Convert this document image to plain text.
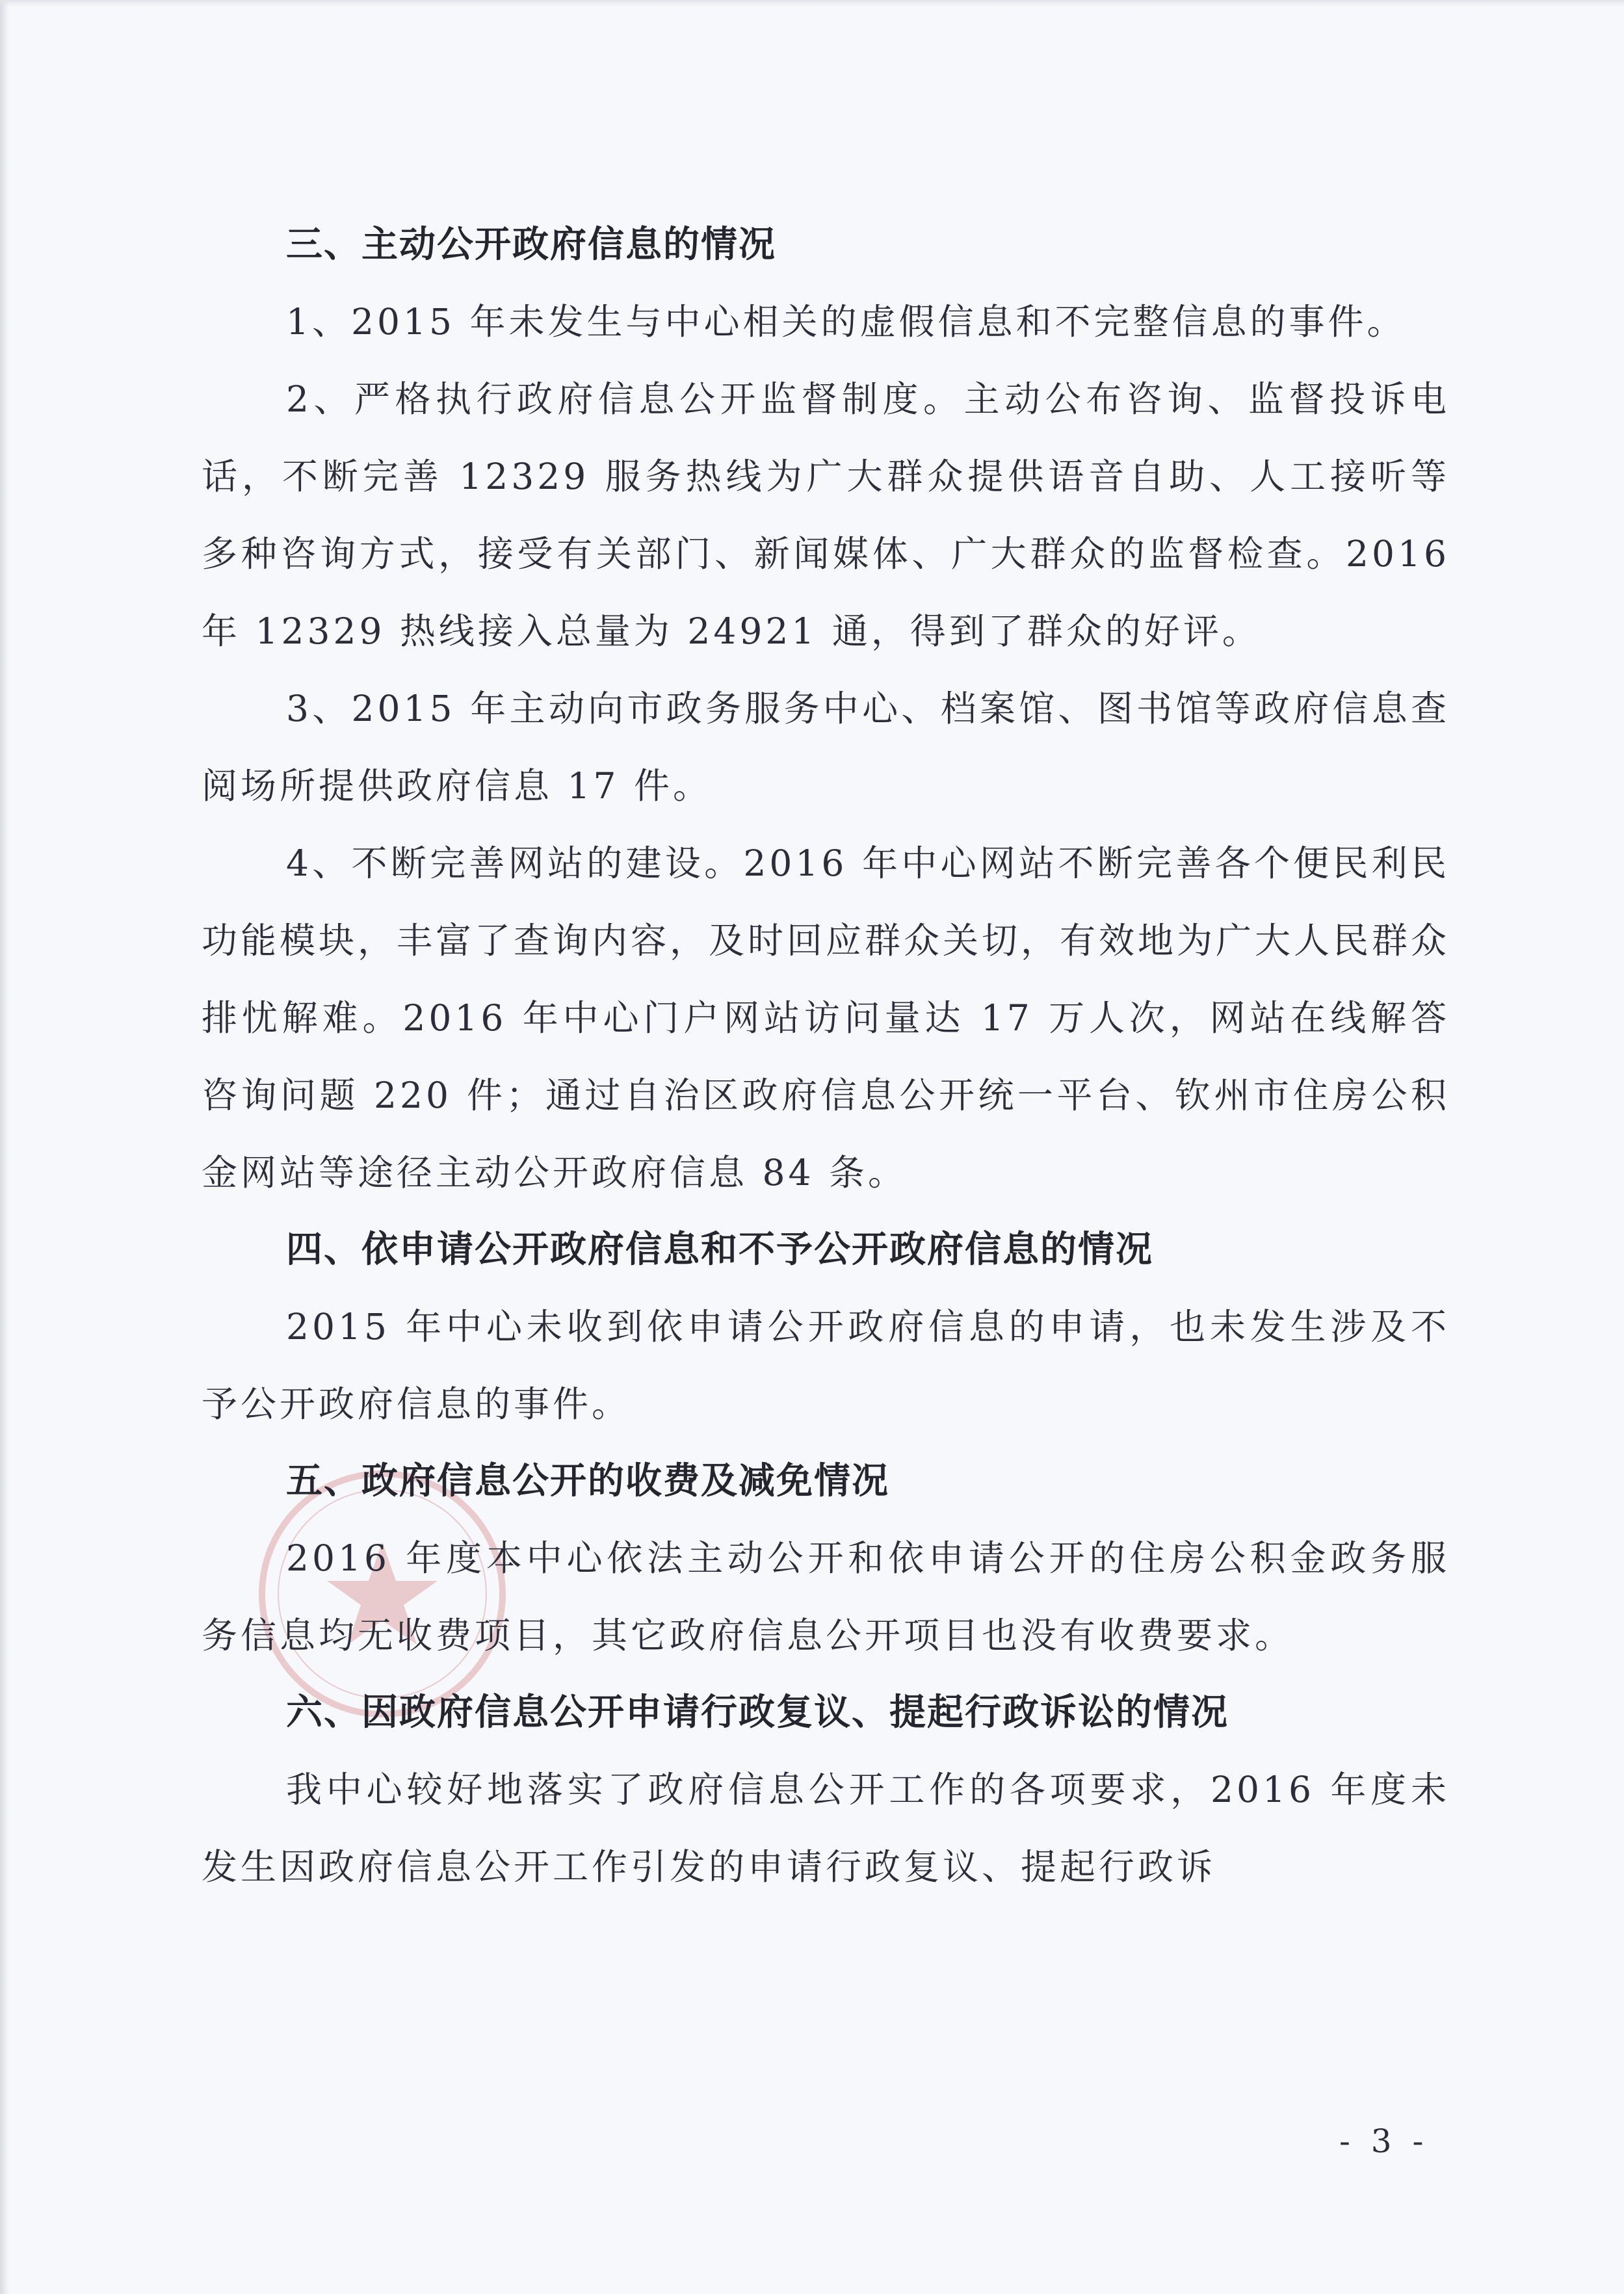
三、主动公开政府信息的情况

1、2015 年未发生与中心相关的虚假信息和不完整信息的事件。

2、严格执行政府信息公开监督制度。主动公布咨询、监督投诉电话，不断完善 12329 服务热线为广大群众提供语音自助、人工接听等多种咨询方式，接受有关部门、新闻媒体、广大群众的监督检查。2016 年 12329 热线接入总量为 24921 通，得到了群众的好评。

3、2015 年主动向市政务服务中心、档案馆、图书馆等政府信息查阅场所提供政府信息 17 件。

4、不断完善网站的建设。2016 年中心网站不断完善各个便民利民功能模块，丰富了查询内容，及时回应群众关切，有效地为广大人民群众排忧解难。2016 年中心门户网站访问量达 17 万人次，网站在线解答咨询问题 220 件；通过自治区政府信息公开统一平台、钦州市住房公积金网站等途径主动公开政府信息 84 条。

四、依申请公开政府信息和不予公开政府信息的情况

2015 年中心未收到依申请公开政府信息的申请，也未发生涉及不予公开政府信息的事件。

五、政府信息公开的收费及减免情况

2016 年度本中心依法主动公开和依申请公开的住房公积金政务服务信息均无收费项目，其它政府信息公开项目也没有收费要求。

六、因政府信息公开申请行政复议、提起行政诉讼的情况

我中心较好地落实了政府信息公开工作的各项要求，2016 年度未发生因政府信息公开工作引发的申请行政复议、提起行政诉

- 3 -
